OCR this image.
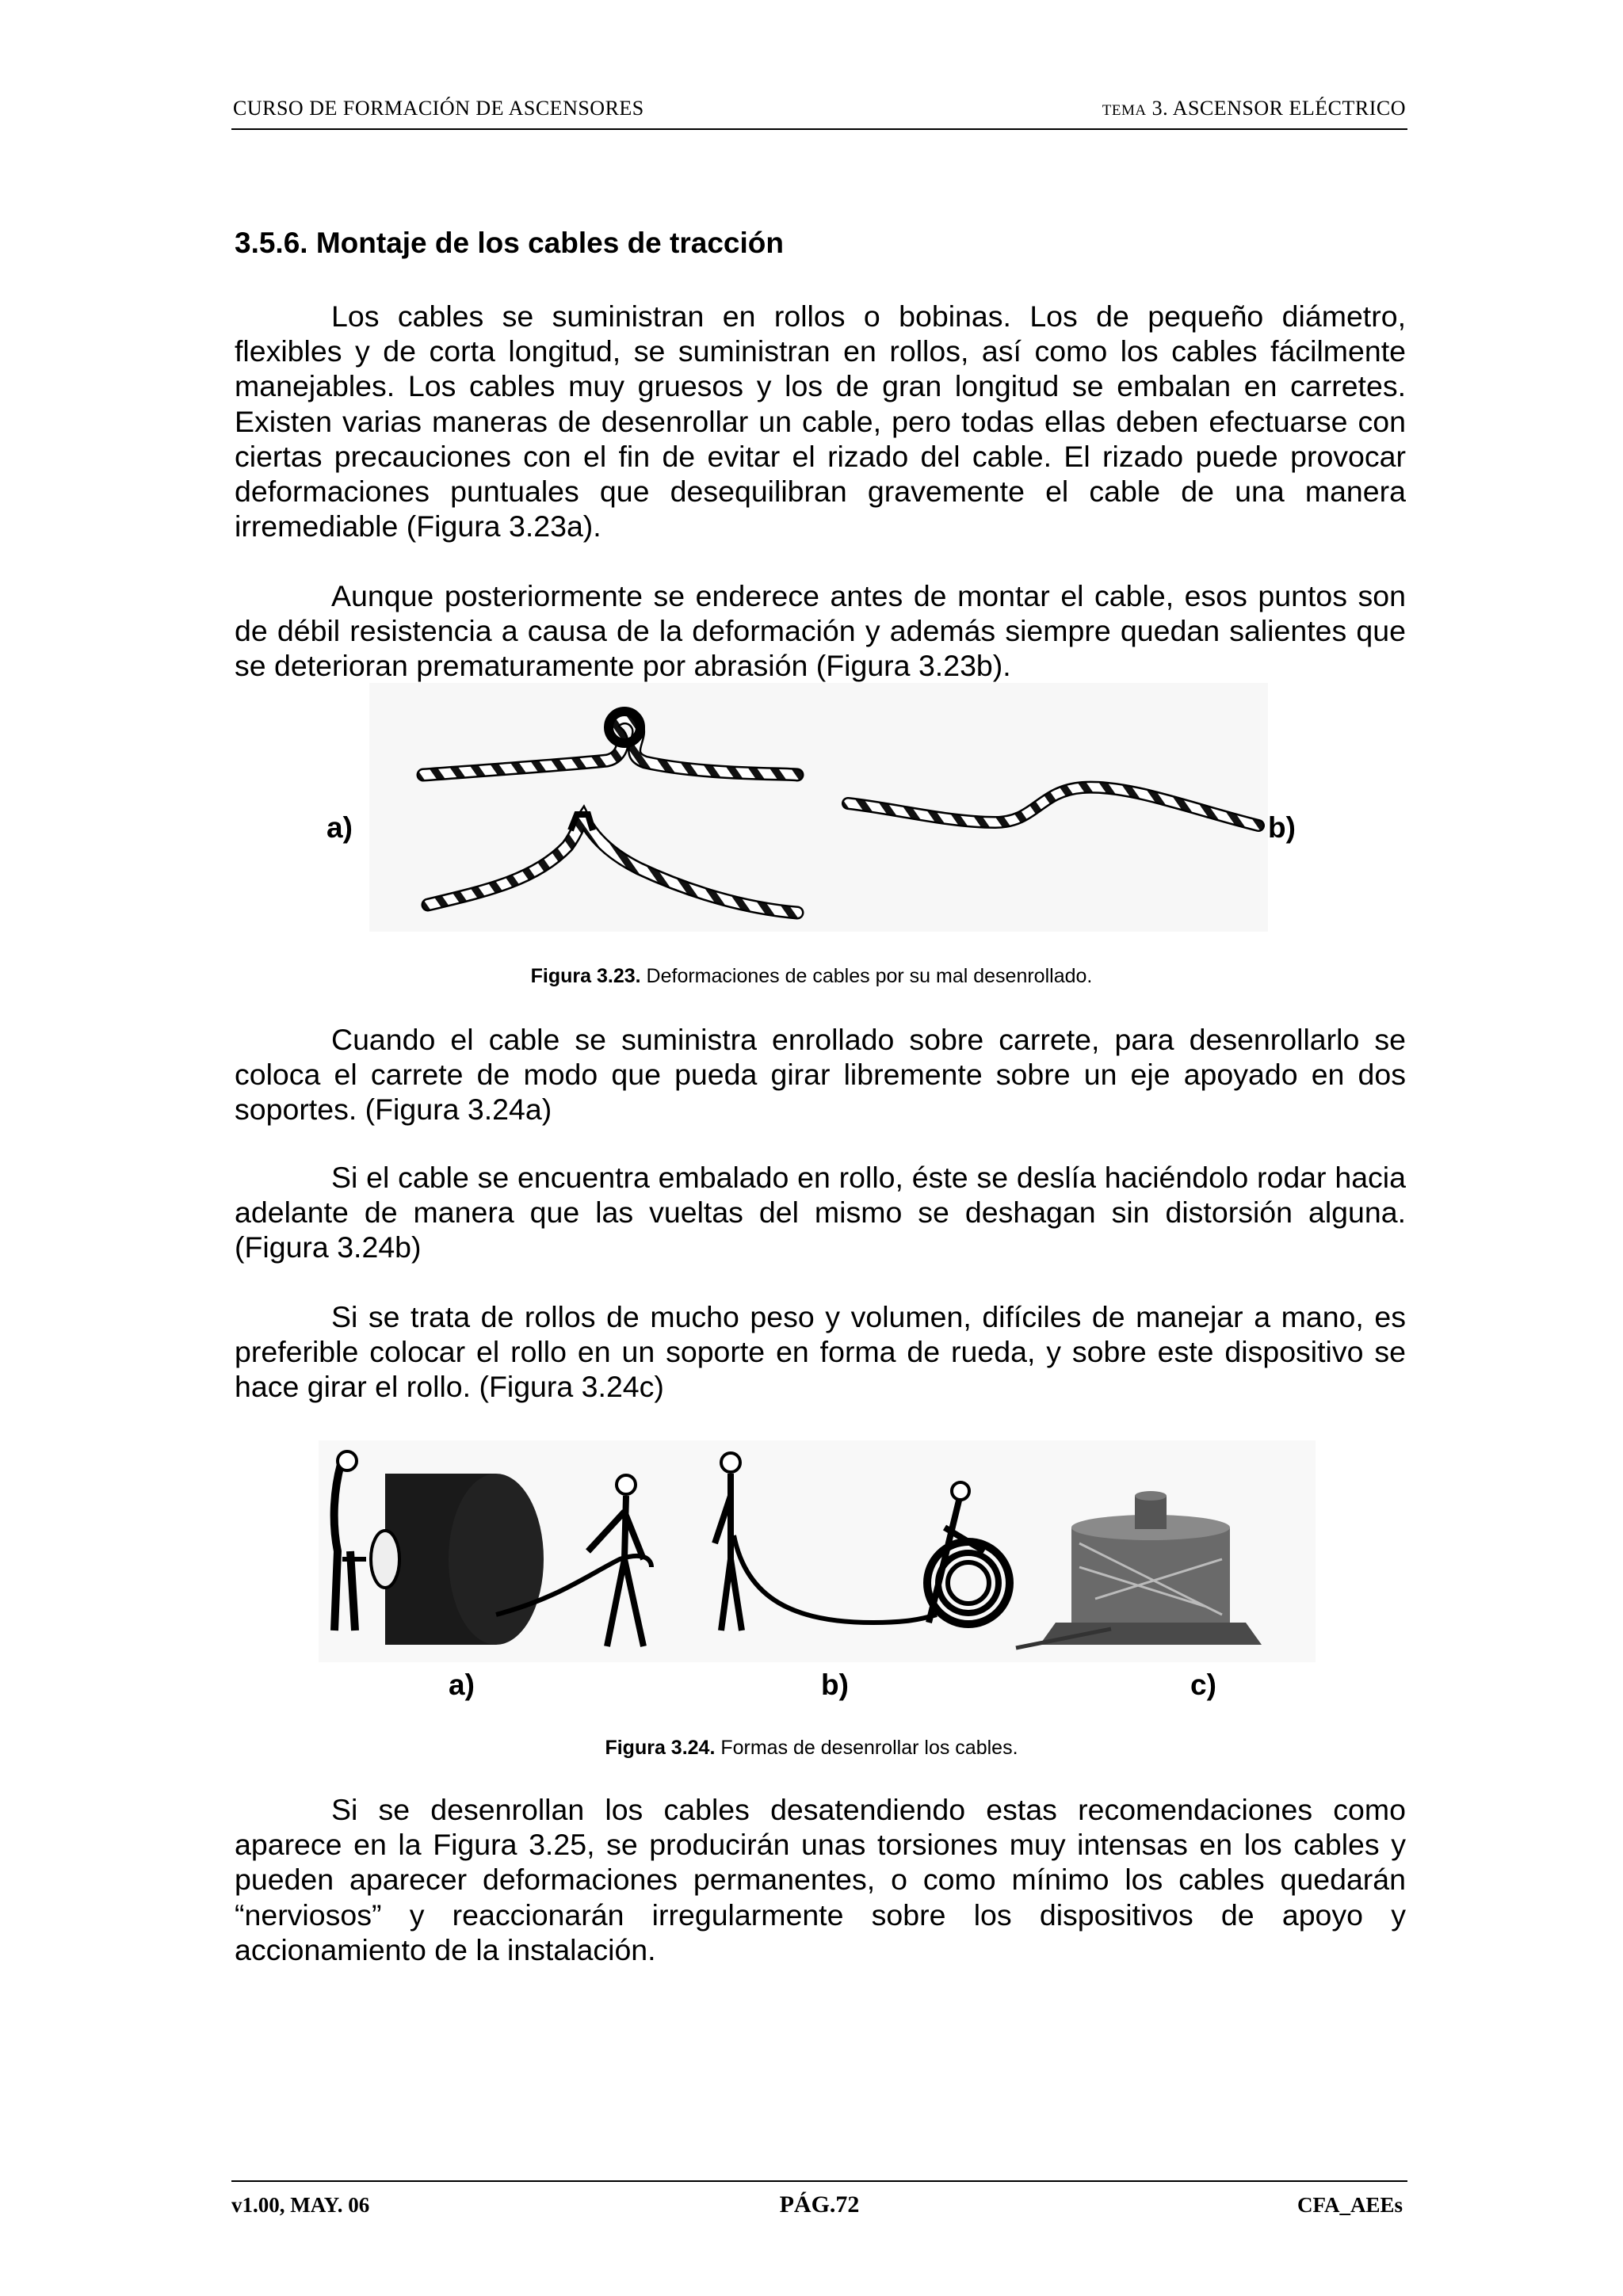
CURSO DE FORMACIÓN DE ASCENSORES	TEMA 3. ASCENSOR ELÉCTRICO
3.5.6. Montaje de los cables de tracción

Los cables se suministran en rollos o bobinas. Los de pequeño diámetro, flexibles y de corta longitud, se suministran en rollos, así como los cables fácilmente manejables. Los cables muy gruesos y los de gran longitud se embalan en carretes. Existen varias maneras de desenrollar un cable, pero todas ellas deben efectuarse con ciertas precauciones con el fin de evitar el rizado del cable. El rizado puede provocar deformaciones puntuales que desequilibran gravemente el cable de una manera irremediable (Figura 3.23a).

Aunque posteriormente se enderece antes de montar el cable, esos puntos son de débil resistencia a causa de la deformación y además siempre quedan salientes que se deterioran prematuramente por abrasión (Figura 3.23b).

a)	b)
Figura 3.23. Deformaciones de cables por su mal desenrollado.

Cuando el cable se suministra enrollado sobre carrete, para desenrollarlo se coloca el carrete de modo que pueda girar libremente sobre un eje apoyado en dos soportes. (Figura 3.24a)

Si el cable se encuentra embalado en rollo, éste se deslía haciéndolo rodar hacia adelante de manera que las vueltas del mismo se deshagan sin distorsión alguna. (Figura 3.24b)

Si se trata de rollos de mucho peso y volumen, difíciles de manejar a mano, es preferible colocar el rollo en un soporte en forma de rueda, y sobre este dispositivo se hace girar el rollo. (Figura 3.24c)

a)	b)	c)
Figura 3.24. Formas de desenrollar los cables.

Si se desenrollan los cables desatendiendo estas recomendaciones como aparece en la Figura 3.25, se producirán unas torsiones muy intensas en los cables y pueden aparecer deformaciones permanentes, o como mínimo los cables quedarán “nerviosos” y reaccionarán irregularmente sobre los dispositivos de apoyo y accionamiento de la instalación.

v1.00, MAY. 06	PÁG.72	CFA_AEEs
